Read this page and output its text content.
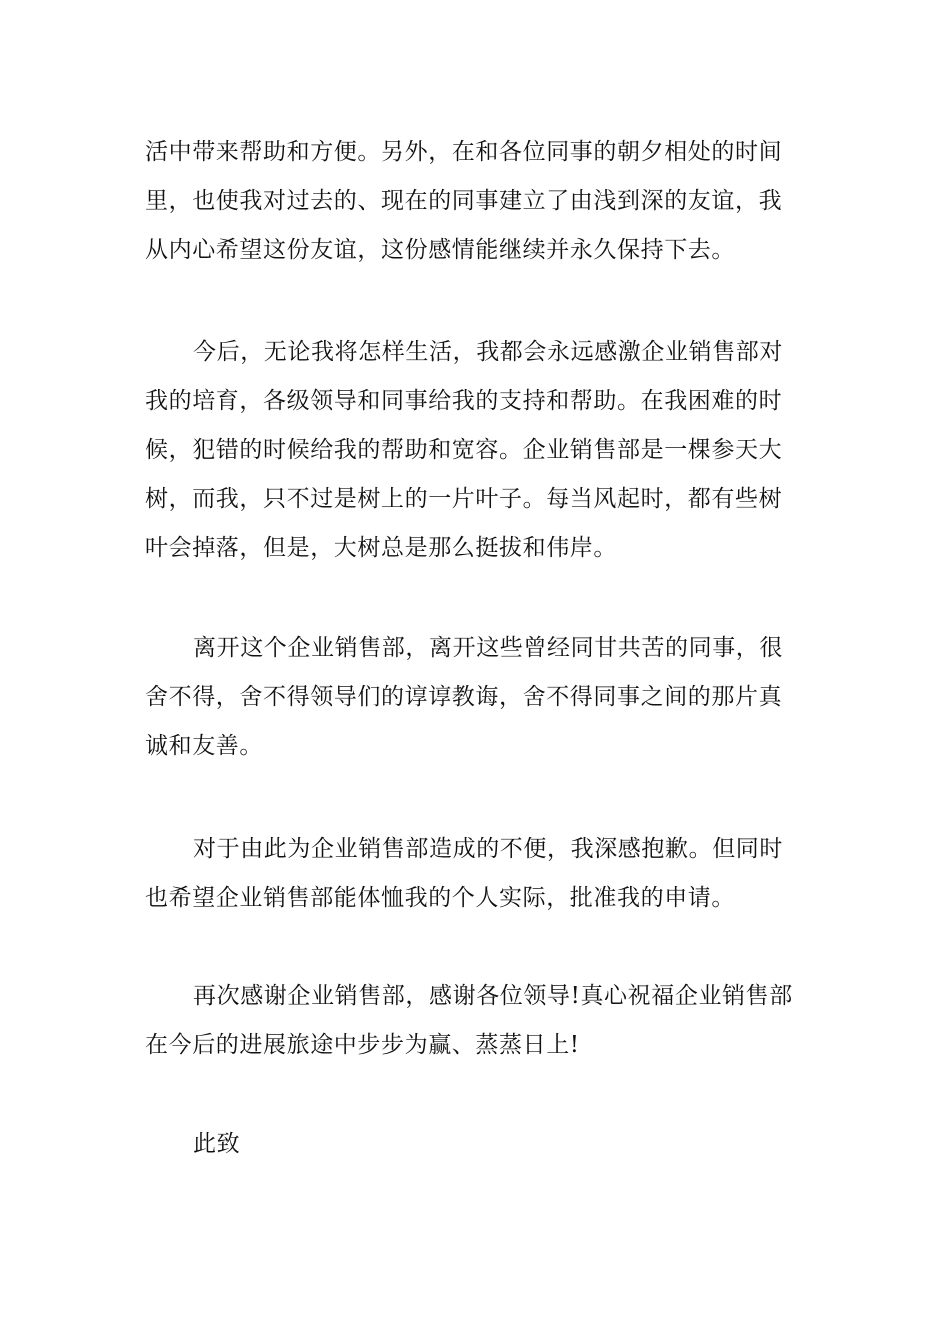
活中带来帮助和方便。另外，在和各位同事的朝夕相处的时间
里，也使我对过去的、现在的同事建立了由浅到深的友谊，我
从内心希望这份友谊，这份感情能继续并永久保持下去。
今后，无论我将怎样生活，我都会永远感激企业销售部对
我的培育，各级领导和同事给我的支持和帮助。在我困难的时
候，犯错的时候给我的帮助和宽容。企业销售部是一棵参天大
树，而我，只不过是树上的一片叶子。每当风起时，都有些树
叶会掉落，但是，大树总是那么挺拔和伟岸。
离开这个企业销售部，离开这些曾经同甘共苦的同事，很
舍不得，舍不得领导们的谆谆教诲，舍不得同事之间的那片真
诚和友善。
对于由此为企业销售部造成的不便，我深感抱歉。但同时
也希望企业销售部能体恤我的个人实际，批准我的申请。
再次感谢企业销售部，感谢各位领导!真心祝福企业销售部
在今后的进展旅途中步步为赢、蒸蒸日上!
此致
